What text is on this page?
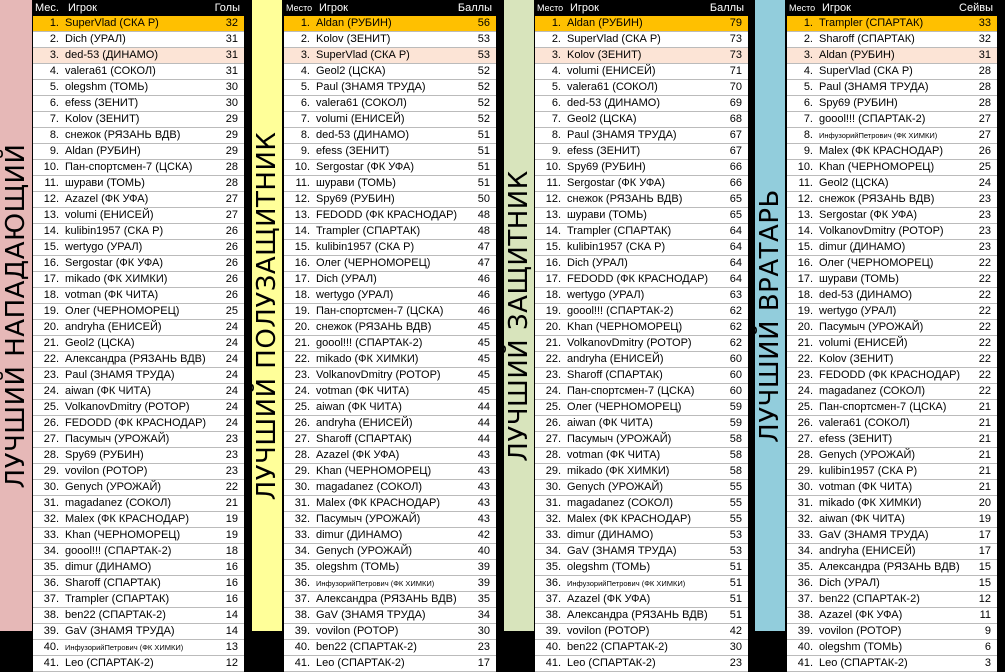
ЛУЧШИЙ НАПАДАЮЩИЙ
Мес. Игрок	Голы
1. SuperVlad (СКА Р)	32
2. Dich (УРАЛ)	31
3. ded-53 (ДИНАМО)	31
4. valera61 (СОКОЛ)	31
5. olegshm (ТОМЬ)	30
6. efess (ЗЕНИТ)	30
7. Kolov (ЗЕНИТ)	29
8. снежок (РЯЗАНЬ ВДВ)	29
9. Aldan (РУБИН)	29
10. Пан-спортсмен-7 (ЦСКА)	28
11. шурави (ТОМЬ)	28
12. Azazel (ФК УФА)	27
13. volumi (ЕНИСЕЙ)	27
14. kulibin1957 (СКА Р)	26
15. wertygo (УРАЛ)	26
16. Sergostar (ФК УФА)	26
17. mikado (ФК ХИМКИ)	26
18. votman (ФК ЧИТА)	26
19. Олег (ЧЕРНОМОРЕЦ)	25
20. andryha (ЕНИСЕЙ)	24
21. Geol2 (ЦСКА)	24
22. Александра (РЯЗАНЬ ВДВ) 24
23. Paul (ЗНАМЯ ТРУДА)	24
24. aiwan (ФК ЧИТА)	24
25. VolkanovDmitry (РОТОР)	24
26. FEDODD (ФК КРАСНОДАР) 24
27. Пасумыч (УРОЖАЙ)	23
28. Spy69 (РУБИН)	23
29. vovilon (РОТОР)	23
30. Genych (УРОЖАЙ)	22
31. magadanez (СОКОЛ)	21
32. Malex (ФК КРАСНОДАР)	19
33. Khan (ЧЕРНОМОРЕЦ)	19
34. goool!!! (СПАРТАК-2)	18
35. dimur (ДИНАМО)	16
36. Sharoff (СПАРТАК)	16
37. Trampler (СПАРТАК)	16
38. ben22 (СПАРТАК-2)	14
39. GaV (ЗНАМЯ ТРУДА)	14
40. ИнфузорийПетрович (ФК ХИМКИ)	13
41. Leo (СПАРТАК-2)	12
ЛУЧШИЙ ПОЛУЗАЩИТНИК
Место Игрок	Баллы
1. Aldan (РУБИН)	56
2. Kolov (ЗЕНИТ)	53
3. SuperVlad (СКА Р)	53
4. Geol2 (ЦСКА)	52
5. Paul (ЗНАМЯ ТРУДА)	52
6. valera61 (СОКОЛ)	52
7. volumi (ЕНИСЕЙ)	52
8. ded-53 (ДИНАМО)	51
9. efess (ЗЕНИТ)	51
10. Sergostar (ФК УФА)	51
11. шурави (ТОМЬ)	51
12. Spy69 (РУБИН)	50
13. FEDODD (ФК КРАСНОДАР) 48
14. Trampler (СПАРТАК)	48
15. kulibin1957 (СКА Р)	47
16. Олег (ЧЕРНОМОРЕЦ)	47
17. Dich (УРАЛ)	46
18. wertygo (УРАЛ)	46
19. Пан-спортсмен-7 (ЦСКА)	46
20. снежок (РЯЗАНЬ ВДВ)	45
21. goool!!! (СПАРТАК-2)	45
22. mikado (ФК ХИМКИ)	45
23. VolkanovDmitry (РОТОР)	45
24. votman (ФК ЧИТА)	45
25. aiwan (ФК ЧИТА)	44
26. andryha (ЕНИСЕЙ)	44
27. Sharoff (СПАРТАК)	44
28. Azazel (ФК УФА)	43
29. Khan (ЧЕРНОМОРЕЦ)	43
30. magadanez (СОКОЛ)	43
31. Malex (ФК КРАСНОДАР)	43
32. Пасумыч (УРОЖАЙ)	43
33. dimur (ДИНАМО)	42
34. Genych (УРОЖАЙ)	40
35. olegshm (ТОМЬ)	39
36. ИнфузорийПетрович (ФК ХИМКИ)	39
37. Александра (РЯЗАНЬ ВДВ) 35
38. GaV (ЗНАМЯ ТРУДА)	34
39. vovilon (РОТОР)	30
40. ben22 (СПАРТАК-2)	23
41. Leo (СПАРТАК-2)	17
ЛУЧШИЙ ЗАЩИТНИК
Место Игрок	Баллы
1. Aldan (РУБИН)	79
2. SuperVlad (СКА Р)	73
3. Kolov (ЗЕНИТ)	73
4. volumi (ЕНИСЕЙ)	71
5. valera61 (СОКОЛ)	70
6. ded-53 (ДИНАМО)	69
7. Geol2 (ЦСКА)	68
8. Paul (ЗНАМЯ ТРУДА)	67
9. efess (ЗЕНИТ)	67
10. Spy69 (РУБИН)	66
11. Sergostar (ФК УФА)	66
12. снежок (РЯЗАНЬ ВДВ)	65
13. шурави (ТОМЬ)	65
14. Trampler (СПАРТАК)	64
15. kulibin1957 (СКА Р)	64
16. Dich (УРАЛ)	64
17. FEDODD (ФК КРАСНОДАР) 64
18. wertygo (УРАЛ)	63
19. goool!!! (СПАРТАК-2)	62
20. Khan (ЧЕРНОМОРЕЦ)	62
21. VolkanovDmitry (РОТОР)	62
22. andryha (ЕНИСЕЙ)	60
23. Sharoff (СПАРТАК)	60
24. Пан-спортсмен-7 (ЦСКА)	60
25. Олег (ЧЕРНОМОРЕЦ)	59
26. aiwan (ФК ЧИТА)	59
27. Пасумыч (УРОЖАЙ)	58
28. votman (ФК ЧИТА)	58
29. mikado (ФК ХИМКИ)	58
30. Genych (УРОЖАЙ)	55
31. magadanez (СОКОЛ)	55
32. Malex (ФК КРАСНОДАР)	55
33. dimur (ДИНАМО)	53
34. GaV (ЗНАМЯ ТРУДА)	53
35. olegshm (ТОМЬ)	51
36. ИнфузорийПетрович (ФК ХИМКИ)	51
37. Azazel (ФК УФА)	51
38. Александра (РЯЗАНЬ ВДВ) 51
39. vovilon (РОТОР)	42
40. ben22 (СПАРТАК-2)	30
41. Leo (СПАРТАК-2)	23
ЛУЧШИЙ ВРАТАРЬ
Место Игрок	Сейвы
1. Trampler (СПАРТАК)	33
2. Sharoff (СПАРТАК)	32
3. Aldan (РУБИН)	31
4. SuperVlad (СКА Р)	28
5. Paul (ЗНАМЯ ТРУДА)	28
6. Spy69 (РУБИН)	28
7. goool!!! (СПАРТАК-2)	27
8. ИнфузорийПетрович (ФК ХИМКИ)	27
9. Malex (ФК КРАСНОДАР)	26
10. Khan (ЧЕРНОМОРЕЦ)	25
11. Geol2 (ЦСКА)	24
12. снежок (РЯЗАНЬ ВДВ)	23
13. Sergostar (ФК УФА)	23
14. VolkanovDmitry (РОТОР)	23
15. dimur (ДИНАМО)	23
16. Олег (ЧЕРНОМОРЕЦ)	22
17. шурави (ТОМЬ)	22
18. ded-53 (ДИНАМО)	22
19. wertygo (УРАЛ)	22
20. Пасумыч (УРОЖАЙ)	22
21. volumi (ЕНИСЕЙ)	22
22. Kolov (ЗЕНИТ)	22
23. FEDODD (ФК КРАСНОДАР) 22
24. magadanez (СОКОЛ)	22
25. Пан-спортсмен-7 (ЦСКА)	21
26. valera61 (СОКОЛ)	21
27. efess (ЗЕНИТ)	21
28. Genych (УРОЖАЙ)	21
29. kulibin1957 (СКА Р)	21
30. votman (ФК ЧИТА)	21
31. mikado (ФК ХИМКИ)	20
32. aiwan (ФК ЧИТА)	19
33. GaV (ЗНАМЯ ТРУДА)	17
34. andryha (ЕНИСЕЙ)	17
35. Александра (РЯЗАНЬ ВДВ) 15
36. Dich (УРАЛ)	15
37. ben22 (СПАРТАК-2)	12
38. Azazel (ФК УФА)	11
39. vovilon (РОТОР)	9
40. olegshm (ТОМЬ)	6
41. Leo (СПАРТАК-2)	3
